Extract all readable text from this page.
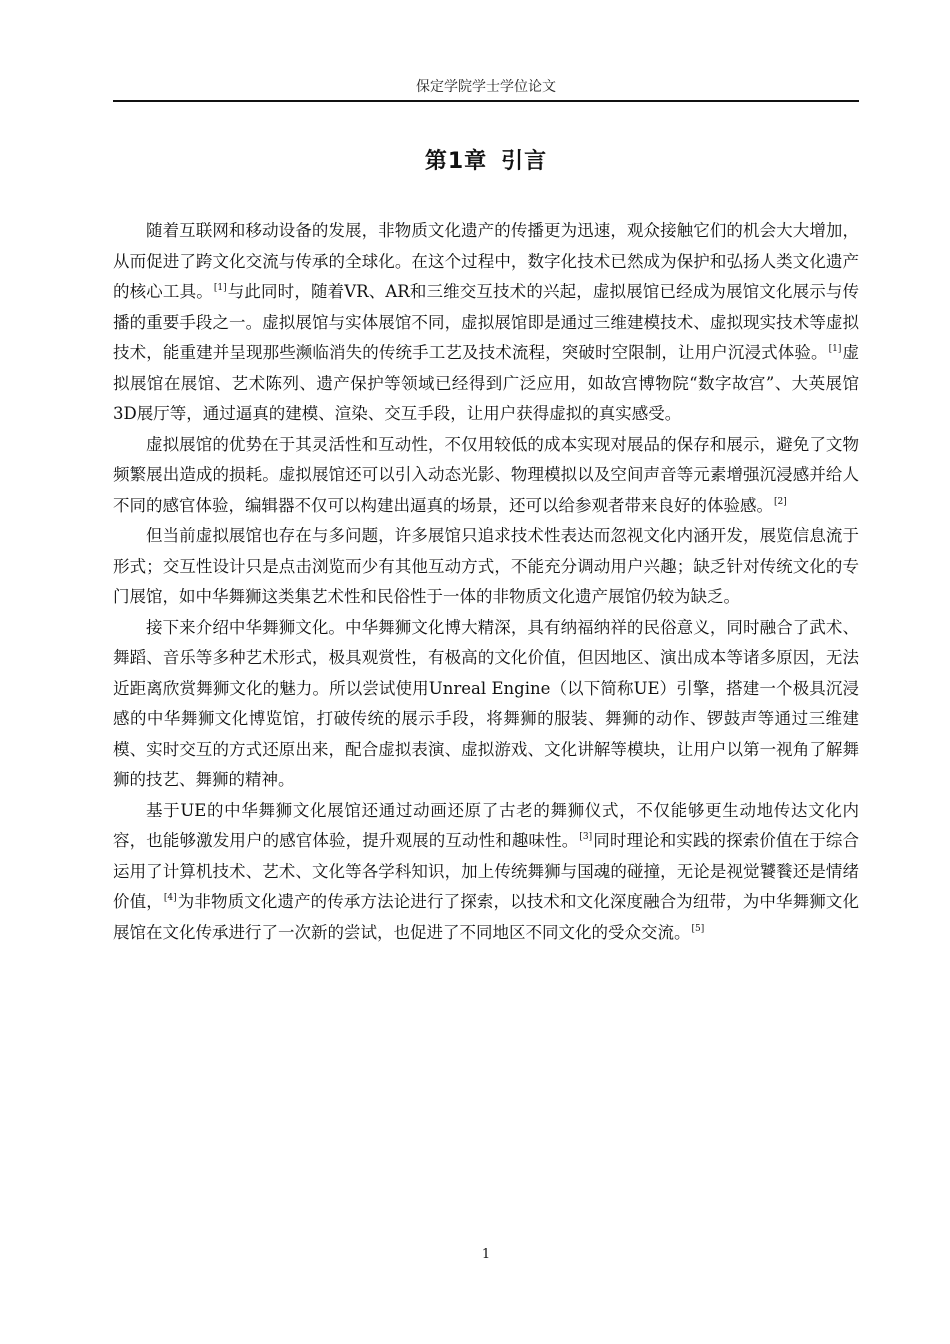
保定学院学士学位论文
第1章 引言

随着互联网和移动设备的发展，非物质文化遗产的传播更为迅速，观众接触它们的机会大大增加，从而促进了跨文化交流与传承的全球化。在这个过程中，数字化技术已然成为保护和弘扬人类文化遗产的核心工具。[1]与此同时，随着VR、AR和三维交互技术的兴起，虚拟展馆已经成为展馆文化展示与传播的重要手段之一。虚拟展馆与实体展馆不同，虚拟展馆即是通过三维建模技术、虚拟现实技术等虚拟技术，能重建并呈现那些濒临消失的传统手工艺及技术流程，突破时空限制，让用户沉浸式体验。[1]虚拟展馆在展馆、艺术陈列、遗产保护等领域已经得到广泛应用，如故宫博物院“数字故宫”、大英展馆3D展厅等，通过逼真的建模、渲染、交互手段，让用户获得虚拟的真实感受。

虚拟展馆的优势在于其灵活性和互动性，不仅用较低的成本实现对展品的保存和展示，避免了文物频繁展出造成的损耗。虚拟展馆还可以引入动态光影、物理模拟以及空间声音等元素增强沉浸感并给人不同的感官体验，编辑器不仅可以构建出逼真的场景，还可以给参观者带来良好的体验感。[2]

但当前虚拟展馆也存在与多问题，许多展馆只追求技术性表达而忽视文化内涵开发，展览信息流于形式；交互性设计只是点击浏览而少有其他互动方式，不能充分调动用户兴趣；缺乏针对传统文化的专门展馆，如中华舞狮这类集艺术性和民俗性于一体的非物质文化遗产展馆仍较为缺乏。

接下来介绍中华舞狮文化。中华舞狮文化博大精深，具有纳福纳祥的民俗意义，同时融合了武术、舞蹈、音乐等多种艺术形式，极具观赏性，有极高的文化价值，但因地区、演出成本等诸多原因，无法近距离欣赏舞狮文化的魅力。所以尝试使用Unreal Engine（以下简称UE）引擎，搭建一个极具沉浸感的中华舞狮文化博览馆，打破传统的展示手段，将舞狮的服装、舞狮的动作、锣鼓声等通过三维建模、实时交互的方式还原出来，配合虚拟表演、虚拟游戏、文化讲解等模块，让用户以第一视角了解舞狮的技艺、舞狮的精神。

基于UE的中华舞狮文化展馆还通过动画还原了古老的舞狮仪式，不仅能够更生动地传达文化内容，也能够激发用户的感官体验，提升观展的互动性和趣味性。[3]同时理论和实践的探索价值在于综合运用了计算机技术、艺术、文化等各学科知识，加上传统舞狮与国魂的碰撞，无论是视觉饕餮还是情绪价值，[4]为非物质文化遗产的传承方法论进行了探索，以技术和文化深度融合为纽带，为中华舞狮文化展馆在文化传承进行了一次新的尝试，也促进了不同地区不同文化的受众交流。[5]

1
